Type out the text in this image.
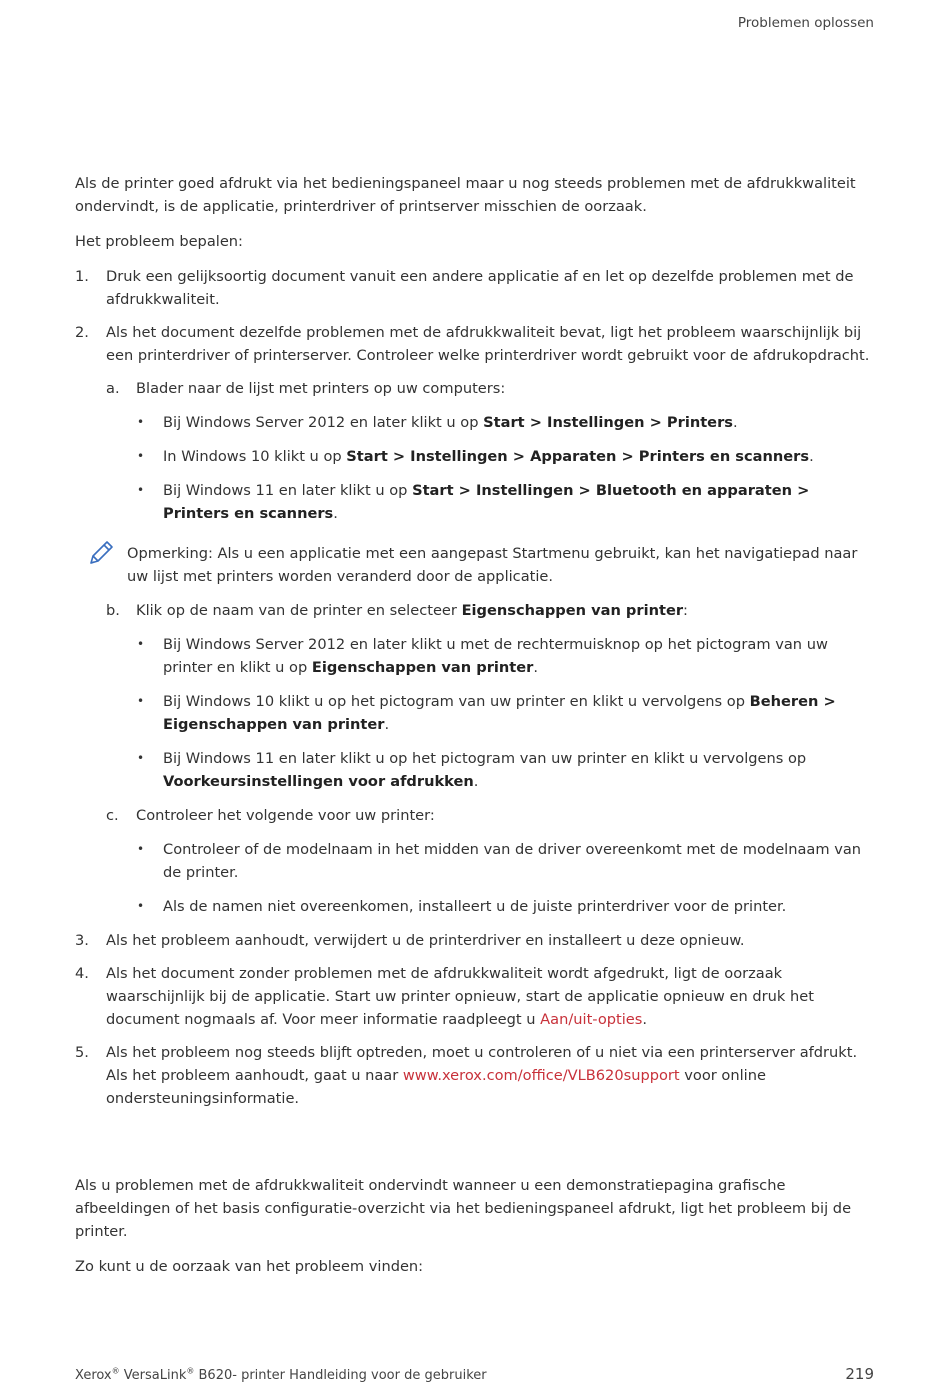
Problemen oplossen

Als de printer goed afdrukt via het bedieningspaneel maar u nog steeds problemen met de afdrukkwaliteit ondervindt, is de applicatie, printerdriver of printserver misschien de oorzaak.

Het probleem bepalen:

1. Druk een gelijksoortig document vanuit een andere applicatie af en let op dezelfde problemen met de afdrukkwaliteit.
2. Als het document dezelfde problemen met de afdrukkwaliteit bevat, ligt het probleem waarschijnlijk bij een printerdriver of printerserver. Controleer welke printerdriver wordt gebruikt voor de afdrukopdracht.
a. Blader naar de lijst met printers op uw computers:
• Bij Windows Server 2012 en later klikt u op Start > Instellingen > Printers.
• In Windows 10 klikt u op Start > Instellingen > Apparaten > Printers en scanners.
• Bij Windows 11 en later klikt u op Start > Instellingen > Bluetooth en apparaten > Printers en scanners.
Opmerking: Als u een applicatie met een aangepast Startmenu gebruikt, kan het navigatiepad naar uw lijst met printers worden veranderd door de applicatie.
b. Klik op de naam van de printer en selecteer Eigenschappen van printer:
• Bij Windows Server 2012 en later klikt u met de rechtermuisknop op het pictogram van uw printer en klikt u op Eigenschappen van printer.
• Bij Windows 10 klikt u op het pictogram van uw printer en klikt u vervolgens op Beheren > Eigenschappen van printer.
• Bij Windows 11 en later klikt u op het pictogram van uw printer en klikt u vervolgens op Voorkeursinstellingen voor afdrukken.
c. Controleer het volgende voor uw printer:
• Controleer of de modelnaam in het midden van de driver overeenkomt met de modelnaam van de printer.
• Als de namen niet overeenkomen, installeert u de juiste printerdriver voor de printer.
3. Als het probleem aanhoudt, verwijdert u de printerdriver en installeert u deze opnieuw.
4. Als het document zonder problemen met de afdrukkwaliteit wordt afgedrukt, ligt de oorzaak waarschijnlijk bij de applicatie. Start uw printer opnieuw, start de applicatie opnieuw en druk het document nogmaals af. Voor meer informatie raadpleegt u Aan/uit-opties.
5. Als het probleem nog steeds blijft optreden, moet u controleren of u niet via een printerserver afdrukt. Als het probleem aanhoudt, gaat u naar www.xerox.com/office/VLB620support voor online ondersteuningsinformatie.

Als u problemen met de afdrukkwaliteit ondervindt wanneer u een demonstratiepagina grafische afbeeldingen of het basis configuratie-overzicht via het bedieningspaneel afdrukt, ligt het probleem bij de printer.

Zo kunt u de oorzaak van het probleem vinden:

Xerox® VersaLink® B620- printer Handleiding voor de gebruiker	219
